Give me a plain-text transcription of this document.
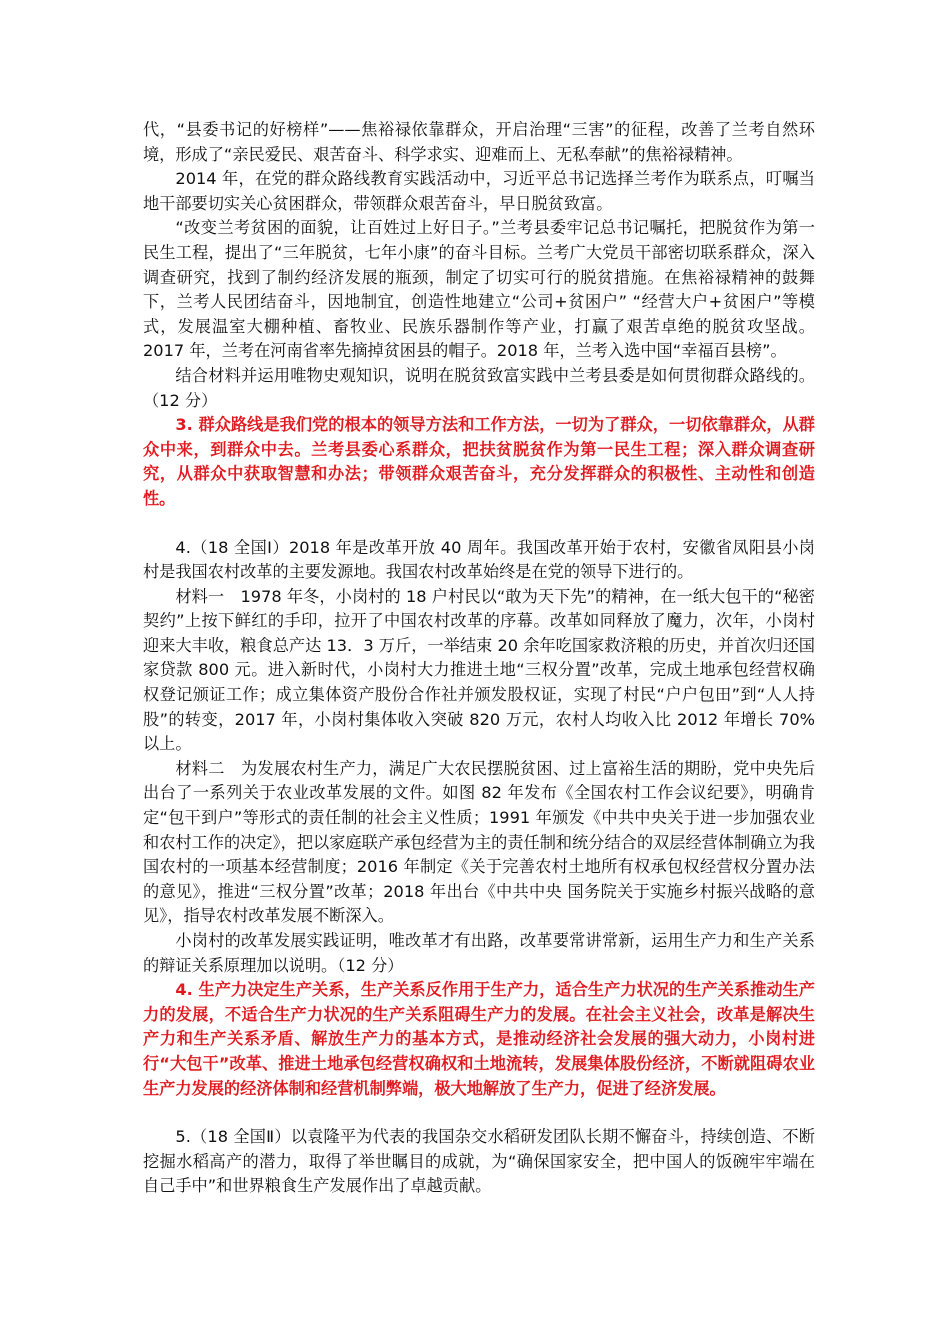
代，“县委书记的好榜样”——焦裕禄依靠群众，开启治理“三害”的征程，改善了兰考自然环境，形成了“亲民爱民、艰苦奋斗、科学求实、迎难而上、无私奉献”的焦裕禄精神。

2014 年，在党的群众路线教育实践活动中，习近平总书记选择兰考作为联系点，叮嘱当地干部要切实关心贫困群众，带领群众艰苦奋斗，早日脱贫致富。

“改变兰考贫困的面貌，让百姓过上好日子。”兰考县委牢记总书记嘱托，把脱贫作为第一民生工程，提出了“三年脱贫，七年小康”的奋斗目标。兰考广大党员干部密切联系群众，深入调查研究，找到了制约经济发展的瓶颈，制定了切实可行的脱贫措施。在焦裕禄精神的鼓舞下，兰考人民团结奋斗，因地制宜，创造性地建立“公司+贫困户” “经营大户+贫困户”等模式，发展温室大棚种植、畜牧业、民族乐器制作等产业，打赢了艰苦卓绝的脱贫攻坚战。2017 年，兰考在河南省率先摘掉贫困县的帽子。2018 年，兰考入选中国“幸福百县榜”。

结合材料并运用唯物史观知识，说明在脱贫致富实践中兰考县委是如何贯彻群众路线的。（12 分）

3. 群众路线是我们党的根本的领导方法和工作方法，一切为了群众，一切依靠群众，从群众中来，到群众中去。兰考县委心系群众，把扶贫脱贫作为第一民生工程；深入群众调查研究，从群众中获取智慧和办法；带领群众艰苦奋斗，充分发挥群众的积极性、主动性和创造性。

4.（18 全国Ⅰ）2018 年是改革开放 40 周年。我国改革开始于农村，安徽省凤阳县小岗村是我国农村改革的主要发源地。我国农村改革始终是在党的领导下进行的。

材料一　1978 年冬，小岗村的 18 户村民以“敢为天下先”的精神，在一纸大包干的“秘密契约”上按下鲜红的手印，拉开了中国农村改革的序幕。改革如同释放了魔力，次年，小岗村迎来大丰收，粮食总产达 13．3 万斤，一举结束 20 余年吃国家救济粮的历史，并首次归还国家贷款 800 元。进入新时代，小岗村大力推进土地“三权分置”改革，完成土地承包经营权确权登记颁证工作；成立集体资产股份合作社并颁发股权证，实现了村民“户户包田”到“人人持股”的转变，2017 年，小岗村集体收入突破 820 万元，农村人均收入比 2012 年增长 70%以上。

材料二　为发展农村生产力，满足广大农民摆脱贫困、过上富裕生活的期盼，党中央先后出台了一系列关于农业改革发展的文件。如图 82 年发布《全国农村工作会议纪要》，明确肯定“包干到户”等形式的责任制的社会主义性质；1991 年颁发《中共中央关于进一步加强农业和农村工作的决定》，把以家庭联产承包经营为主的责任制和统分结合的双层经营体制确立为我国农村的一项基本经营制度；2016 年制定《关于完善农村土地所有权承包权经营权分置办法的意见》，推进“三权分置”改革；2018 年出台《中共中央 国务院关于实施乡村振兴战略的意见》，指导农村改革发展不断深入。

小岗村的改革发展实践证明，唯改革才有出路，改革要常讲常新，运用生产力和生产关系的辩证关系原理加以说明。（12 分）

4. 生产力决定生产关系，生产关系反作用于生产力，适合生产力状况的生产关系推动生产力的发展，不适合生产力状况的生产关系阻碍生产力的发展。在社会主义社会，改革是解决生产力和生产关系矛盾、解放生产力的基本方式，是推动经济社会发展的强大动力，小岗村进行“大包干”改革、推进土地承包经营权确权和土地流转，发展集体股份经济，不断就阻碍农业生产力发展的经济体制和经营机制弊端，极大地解放了生产力，促进了经济发展。

5.（18 全国Ⅱ）以袁隆平为代表的我国杂交水稻研发团队长期不懈奋斗，持续创造、不断挖掘水稻高产的潜力，取得了举世瞩目的成就，为“确保国家安全，把中国人的饭碗牢牢端在自己手中”和世界粮食生产发展作出了卓越贡献。
